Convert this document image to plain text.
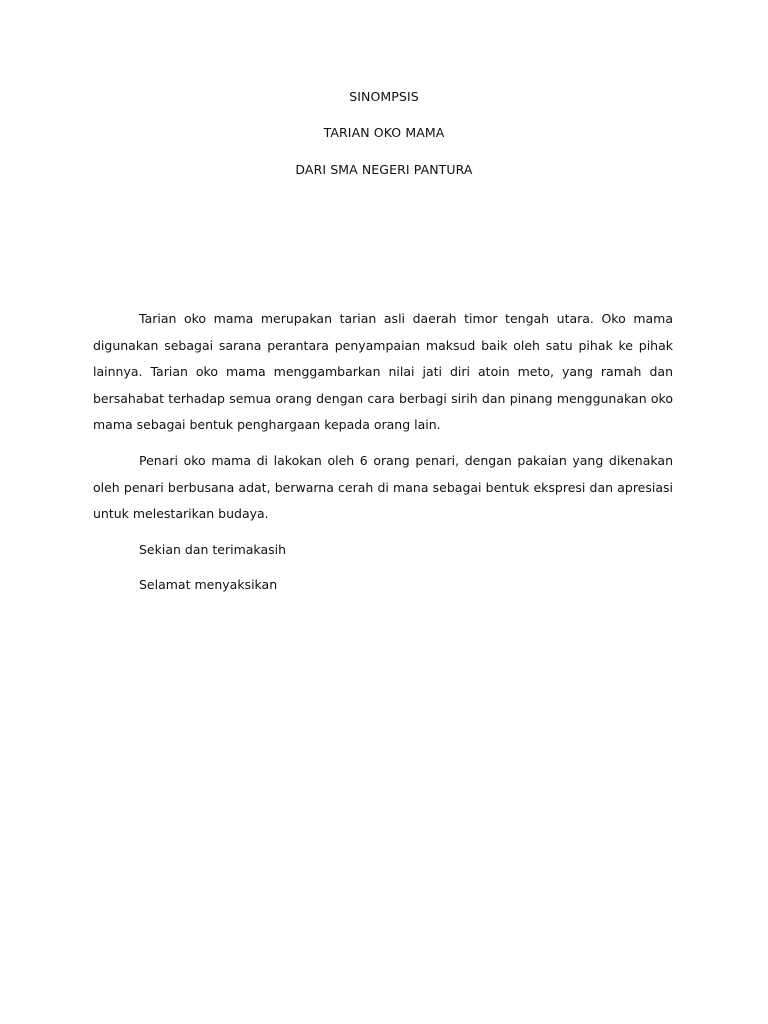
SINOMPSIS

TARIAN OKO MAMA

DARI SMA NEGERI PANTURA

Tarian oko mama merupakan tarian asli daerah timor tengah utara. Oko mama digunakan sebagai sarana perantara penyampaian maksud baik oleh satu pihak ke pihak lainnya. Tarian oko mama menggambarkan nilai jati diri atoin meto, yang ramah dan bersahabat terhadap semua orang dengan cara berbagi sirih dan pinang menggunakan oko mama sebagai bentuk penghargaan kepada orang lain.

Penari oko mama di lakokan oleh 6 orang penari, dengan pakaian yang dikenakan oleh penari berbusana adat, berwarna cerah di mana sebagai bentuk ekspresi dan apresiasi untuk melestarikan budaya.

Sekian dan terimakasih

Selamat menyaksikan
